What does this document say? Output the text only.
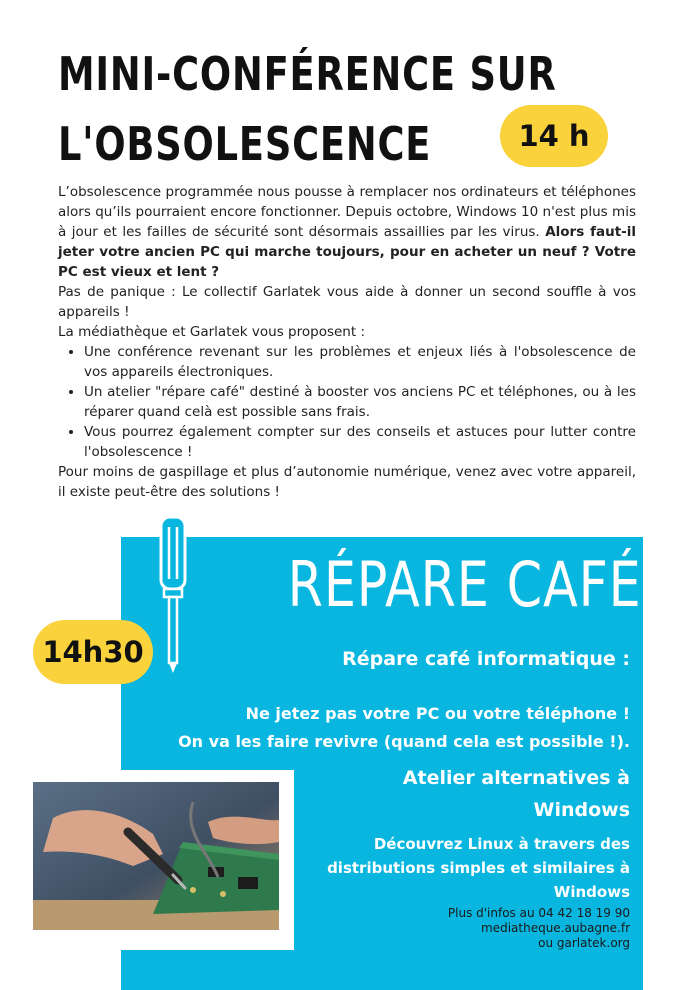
MINI-CONFÉRENCE SUR
L'OBSOLESCENCE	14 h

L’obsolescence programmée nous pousse à remplacer nos ordinateurs et téléphones alors qu’ils pourraient encore fonctionner. Depuis octobre, Windows 10 n'est plus mis à jour et les failles de sécurité sont désormais assaillies par les virus. Alors faut-il jeter votre ancien PC qui marche toujours, pour en acheter un neuf ? Votre PC est vieux et lent ?

Pas de panique : Le collectif Garlatek vous aide à donner un second souffle à vos appareils !

La médiathèque et Garlatek vous proposent :

• Une conférence revenant sur les problèmes et enjeux liés à l'obsolescence de vos appareils électroniques.
• Un atelier "répare café" destiné à booster vos anciens PC et téléphones, ou à les réparer quand celà est possible sans frais.
• Vous pourrez également compter sur des conseils et astuces pour lutter contre l'obsolescence !

Pour moins de gaspillage et plus d’autonomie numérique, venez avec votre appareil, il existe peut-être des solutions !

RÉPARE CAFÉ
14h30	Répare café informatique :
Ne jetez pas votre PC ou votre téléphone !
On va les faire revivre (quand cela est possible !).
Atelier alternatives à
Windows
Découvrez Linux à travers des
distributions simples et similaires à
Windows
Plus d'infos au 04 42 18 19 90
mediatheque.aubagne.fr
ou garlatek.org
